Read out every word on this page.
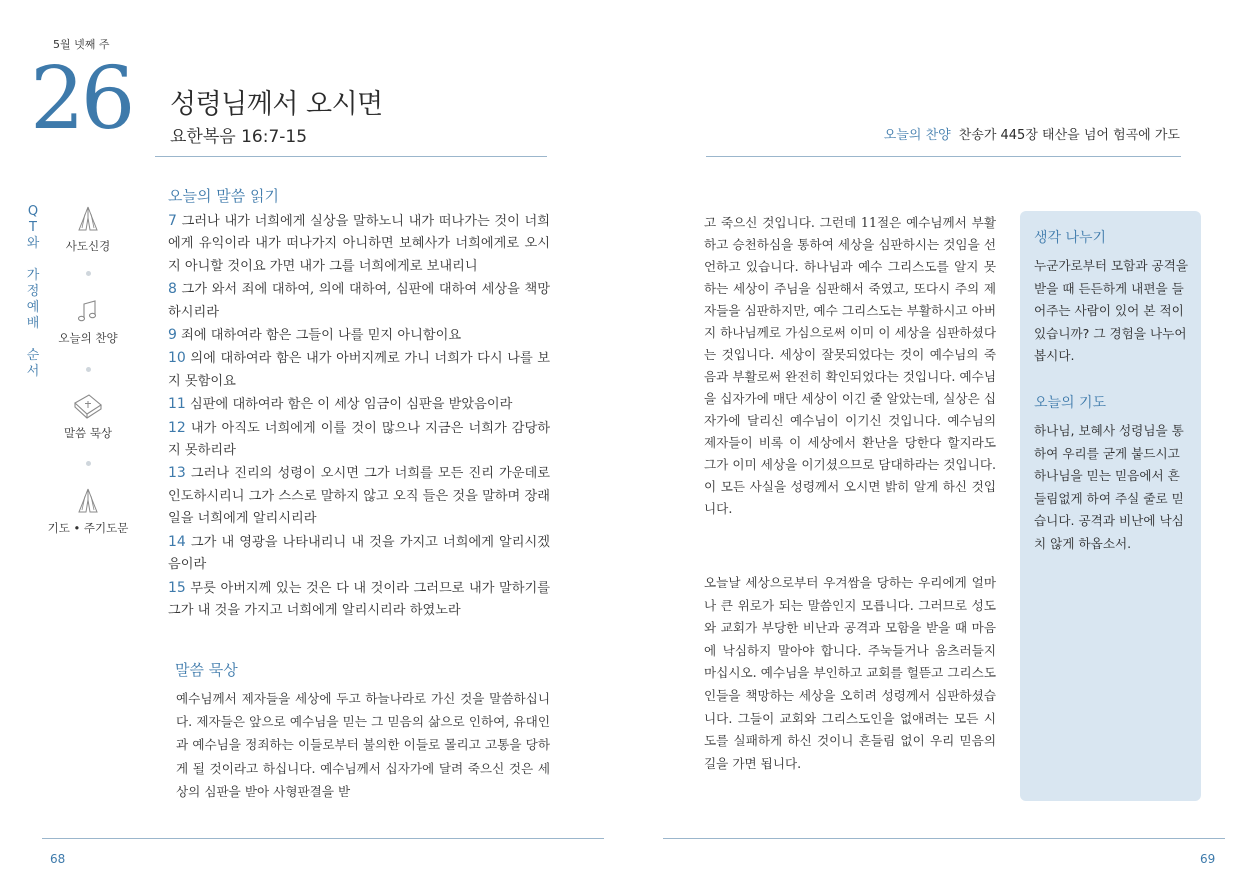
5월 넷째 주
26 성령님께서 오시면
요한복음 16:7-15
Q
T
와
가
정
예
배
순
서
사도신경
오늘의 찬양
말씀 묵상
기도 • 주기도문
오늘의 말씀 읽기
7 그러나 내가 너희에게 실상을 말하노니 내가 떠나가는 것이 너희에게 유익이라 내가 떠나가지 아니하면 보혜사가 너희에게로 오시지 아니할 것이요 가면 내가 그를 너희에게로 보내리니
8 그가 와서 죄에 대하여, 의에 대하여, 심판에 대하여 세상을 책망하시리라
9 죄에 대하여라 함은 그들이 나를 믿지 아니함이요
10 의에 대하여라 함은 내가 아버지께로 가니 너희가 다시 나를 보지 못함이요
11 심판에 대하여라 함은 이 세상 임금이 심판을 받았음이라
12 내가 아직도 너희에게 이를 것이 많으나 지금은 너희가 감당하지 못하리라
13 그러나 진리의 성령이 오시면 그가 너희를 모든 진리 가운데로 인도하시리니 그가 스스로 말하지 않고 오직 들은 것을 말하며 장래 일을 너희에게 알리시리라
14 그가 내 영광을 나타내리니 내 것을 가지고 너희에게 알리시겠음이라
15 무릇 아버지께 있는 것은 다 내 것이라 그러므로 내가 말하기를 그가 내 것을 가지고 너희에게 알리시리라 하였노라
말씀 묵상
예수님께서 제자들을 세상에 두고 하늘나라로 가신 것을 말씀하십니다. 제자들은 앞으로 예수님을 믿는 그 믿음의 삶으로 인하여, 유대인과 예수님을 정죄하는 이들로부터 불의한 이들로 몰리고 고통을 당하게 될 것이라고 하십니다. 예수님께서 십자가에 달려 죽으신 것은 세상의 심판을 받아 사형판결을 받
68
오늘의 찬양 찬송가 445장 태산을 넘어 험곡에 가도
고 죽으신 것입니다. 그런데 11절은 예수님께서 부활하고 승천하심을 통하여 세상을 심판하시는 것임을 선언하고 있습니다. 하나님과 예수 그리스도를 알지 못하는 세상이 주님을 심판해서 죽였고, 또다시 주의 제자들을 심판하지만, 예수 그리스도는 부활하시고 아버지 하나님께로 가심으로써 이미 이 세상을 심판하셨다는 것입니다. 세상이 잘못되었다는 것이 예수님의 죽음과 부활로써 완전히 확인되었다는 것입니다. 예수님을 십자가에 매단 세상이 이긴 줄 알았는데, 실상은 십자가에 달리신 예수님이 이기신 것입니다. 예수님의 제자들이 비록 이 세상에서 환난을 당한다 할지라도 그가 이미 세상을 이기셨으므로 담대하라는 것입니다. 이 모든 사실을 성령께서 오시면 밝히 알게 하신 것입니다.
오늘날 세상으로부터 우겨쌈을 당하는 우리에게 얼마나 큰 위로가 되는 말씀인지 모릅니다. 그러므로 성도와 교회가 부당한 비난과 공격과 모함을 받을 때 마음에 낙심하지 말아야 합니다. 주눅들거나 움츠러들지 마십시오. 예수님을 부인하고 교회를 헐뜯고 그리스도인들을 책망하는 세상을 오히려 성령께서 심판하셨습니다. 그들이 교회와 그리스도인을 없애려는 모든 시도를 실패하게 하신 것이니 흔들림 없이 우리 믿음의 길을 가면 됩니다.
생각 나누기

누군가로부터 모함과 공격을 받을 때 든든하게 내편을 들어주는 사람이 있어 본 적이 있습니까? 그 경험을 나누어 봅시다.

오늘의 기도

하나님, 보혜사 성령님을 통하여 우리를 굳게 붙드시고 하나님을 믿는 믿음에서 흔들림없게 하여 주실 줄로 믿습니다. 공격과 비난에 낙심치 않게 하옵소서.

69
